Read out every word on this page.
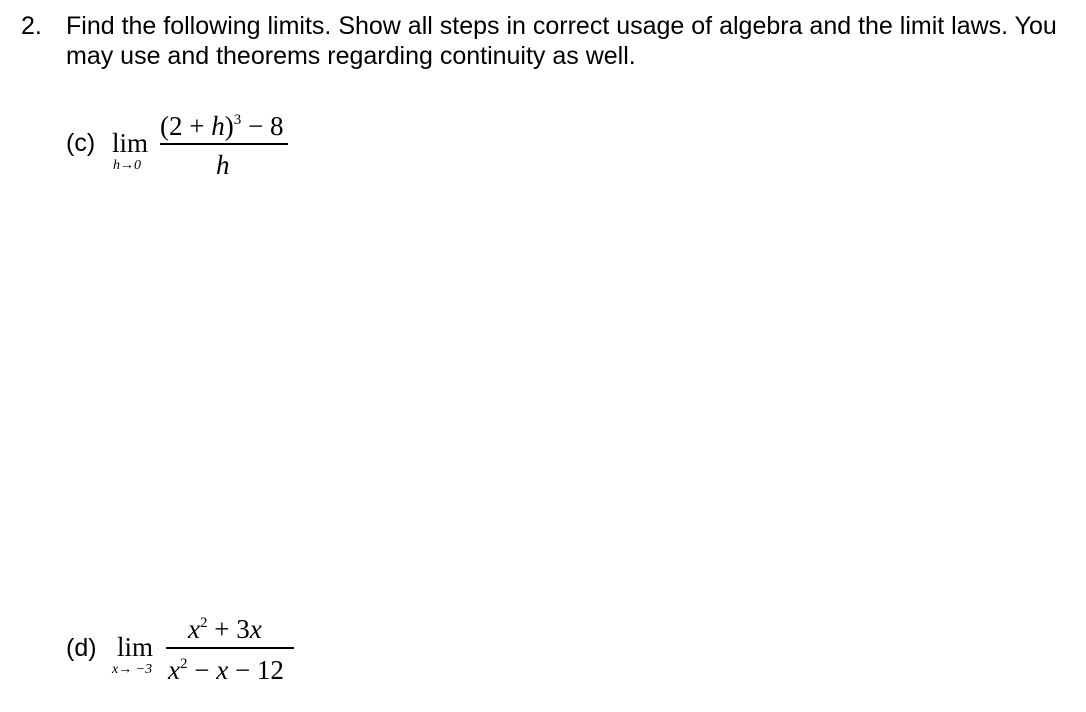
2. Find the following limits. Show all steps in correct usage of algebra and the limit laws. You may use and theorems regarding continuity as well.
(c) lim
h→0
$(2 + h)^3 - 8$
h
(d) lim
x→ −3
$x^2 + 3x$
$x^2 - x - 12$
